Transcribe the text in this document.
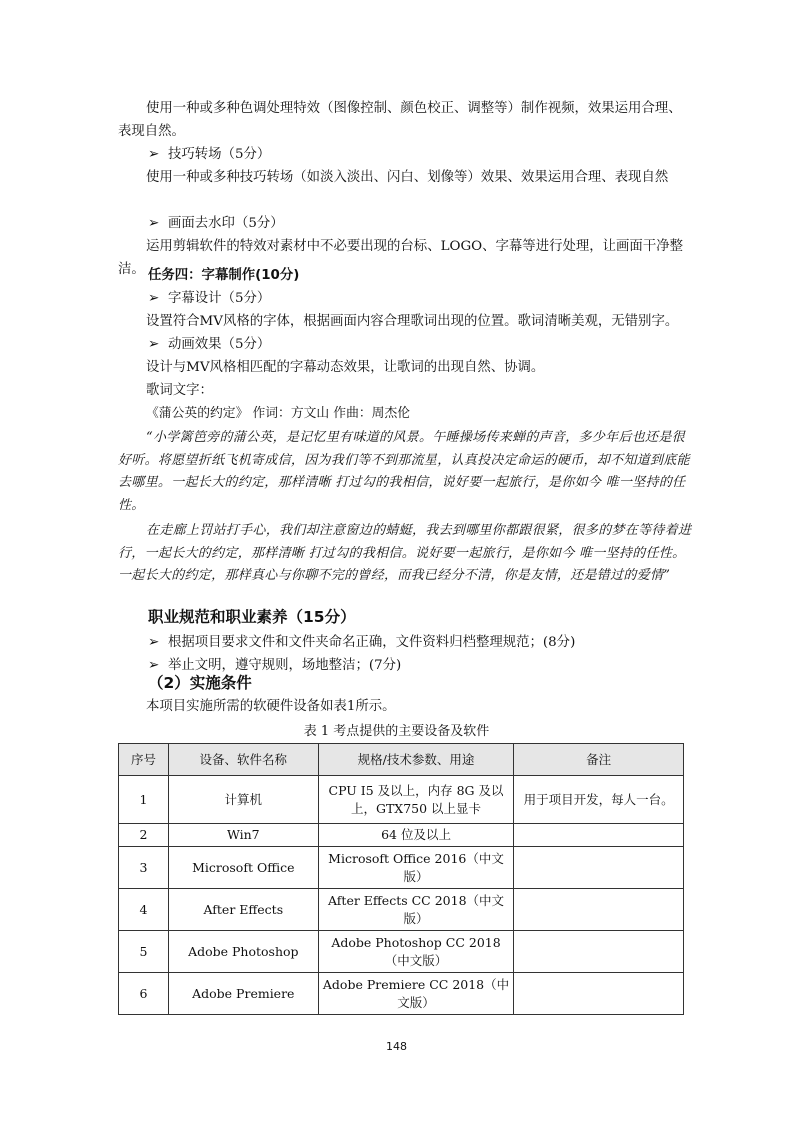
使用一种或多种色调处理特效（图像控制、颜色校正、调整等）制作视频，效果运用合理、表现自然。

➢ 技巧转场（5分）

使用一种或多种技巧转场（如淡入淡出、闪白、划像等）效果、效果运用合理、表现自然

➢ 画面去水印（5分）

运用剪辑软件的特效对素材中不必要出现的台标、LOGO、字幕等进行处理，让画面干净整洁。 任务四：字幕制作(10分)
➢ 字幕设计（5分）

设置符合MV风格的字体，根据画面内容合理歌词出现的位置。歌词清晰美观，无错别字。

➢ 动画效果（5分）

设计与MV风格相匹配的字幕动态效果，让歌词的出现自然、协调。

歌词文字：

《蒲公英的约定》 作词：方文山 作曲：周杰伦

“小学篱笆旁的蒲公英，是记忆里有味道的风景。午睡操场传来蝉的声音，多少年后也还是很好听。将愿望折纸飞机寄成信，因为我们等不到那流星，认真投决定命运的硬币，却不知道到底能去哪里。一起长大的约定，那样清晰 打过勾的我相信，说好要一起旅行，是你如今 唯一坚持的任性。

在走廊上罚站打手心，我们却注意窗边的蜻蜓，我去到哪里你都跟很紧，很多的梦在等待着进行，一起长大的约定，那样清晰 打过勾的我相信。说好要一起旅行，是你如今 唯一坚持的任性。一起长大的约定，那样真心与你聊不完的曾经，而我已经分不清，你是友情，还是错过的爱情”

职业规范和职业素养（15分）
➢ 根据项目要求文件和文件夹命名正确，文件资料归档整理规范；(8分)
➢ 举止文明，遵守规则，场地整洁；(7分)
（2）实施条件

本项目实施所需的软硬件设备如表1所示。

表 1 考点提供的主要设备及软件
序号	设备、软件名称	规格/技术参数、用途	备注
1	计算机	CPU I5 及以上，内存 8G 及以上，GTX750 以上显卡	用于项目开发，每人一台。
2	Win7	64 位及以上	
3	Microsoft Office	Microsoft Office 2016（中文版）	
4	After Effects	After Effects CC 2018（中文版）	
5	Adobe Photoshop	Adobe Photoshop CC 2018（中文版）	
6	Adobe Premiere	Adobe Premiere CC 2018（中文版）	
148
